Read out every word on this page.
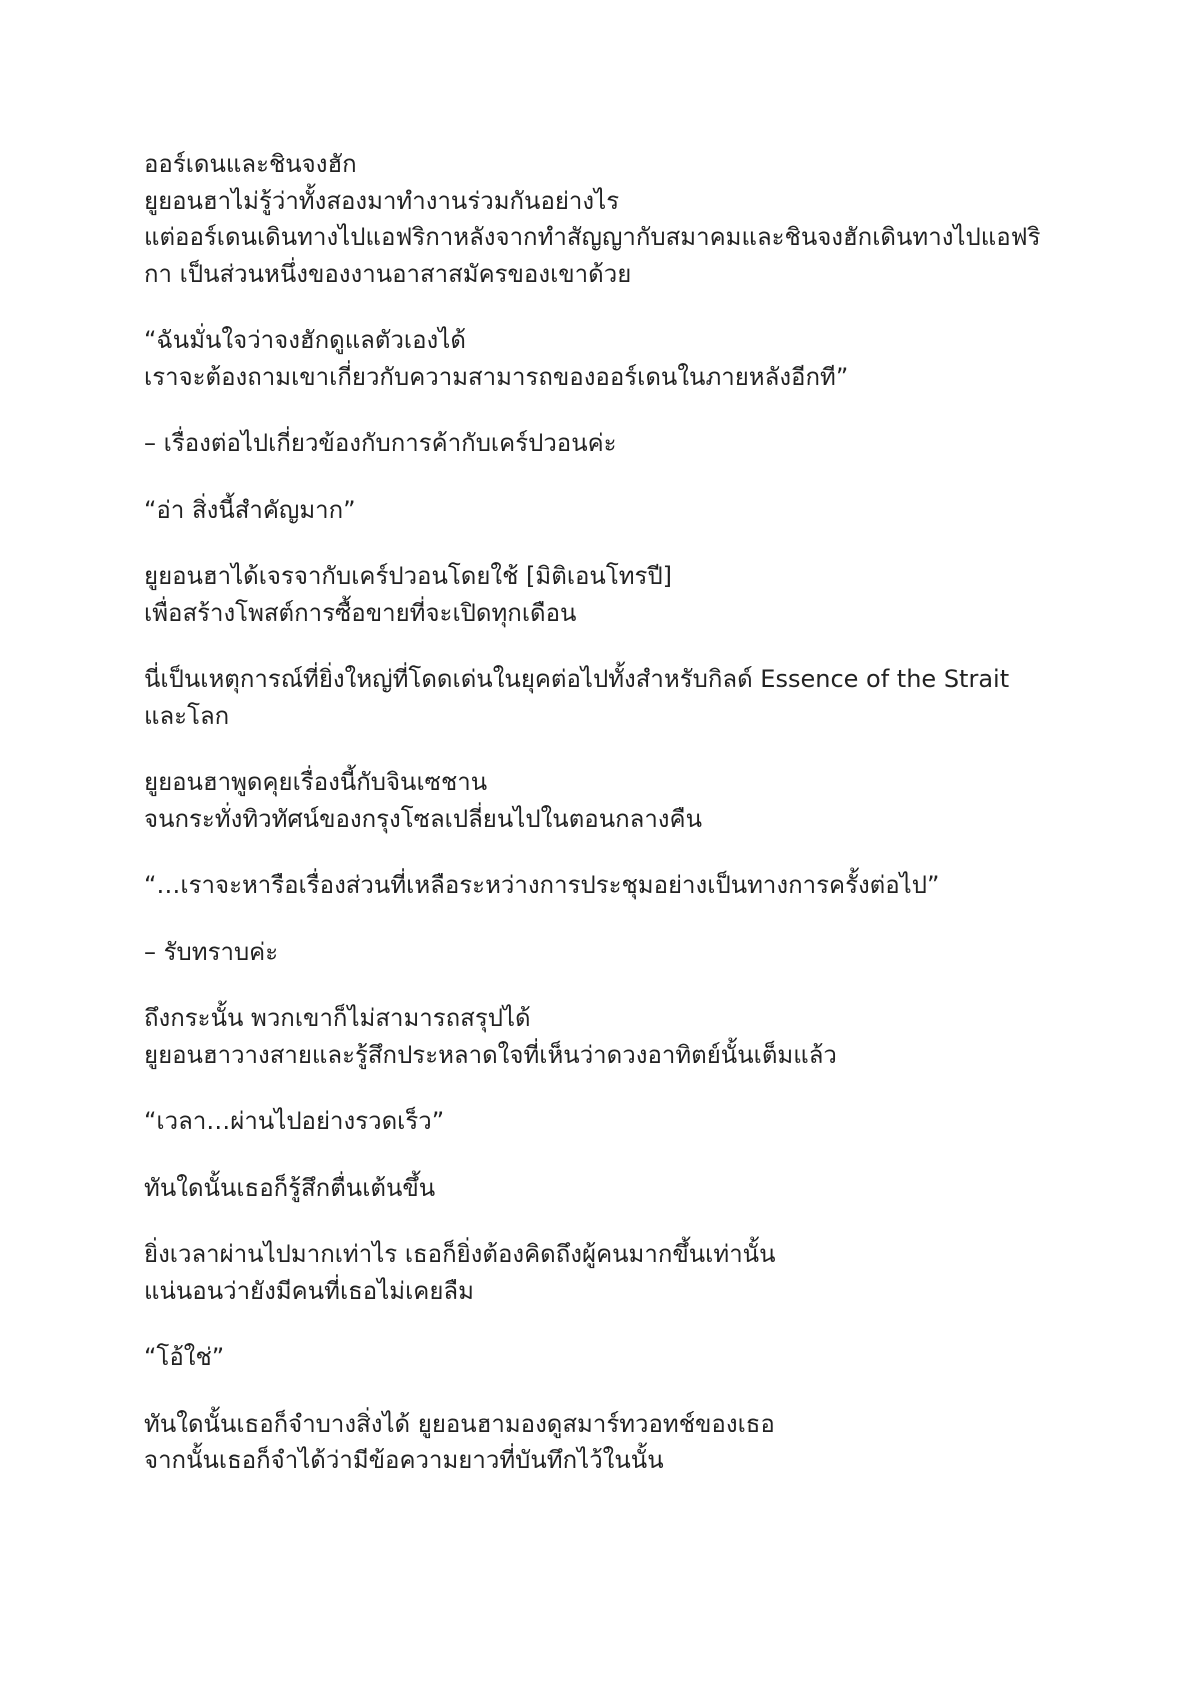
ออร์เดนและชินจงฮัก
ยูยอนฮาไม่รู้ว่าทั้งสองมาทำงานร่วมกันอย่างไร
แต่ออร์เดนเดินทางไปแอฟริกาหลังจากทำสัญญากับสมาคมและชินจงฮักเดินทางไปแอฟริ
กา เป็นส่วนหนึ่งของงานอาสาสมัครของเขาด้วย

“ฉันมั่นใจว่าจงฮักดูแลตัวเองได้
เราจะต้องถามเขาเกี่ยวกับความสามารถของออร์เดนในภายหลังอีกที”

– เรื่องต่อไปเกี่ยวข้องกับการค้ากับเคร์ปวอนค่ะ

“อ่า สิ่งนี้สำคัญมาก”

ยูยอนฮาได้เจรจากับเคร์ปวอนโดยใช้ [มิติเอนโทรปี]
เพื่อสร้างโพสต์การซื้อขายที่จะเปิดทุกเดือน

นี่เป็นเหตุการณ์ที่ยิ่งใหญ่ที่โดดเด่นในยุคต่อไปทั้งสำหรับกิลด์ Essence of the Strait
และโลก

ยูยอนฮาพูดคุยเรื่องนี้กับจินเซชาน
จนกระทั่งทิวทัศน์ของกรุงโซลเปลี่ยนไปในตอนกลางคืน

“…เราจะหารือเรื่องส่วนที่เหลือระหว่างการประชุมอย่างเป็นทางการครั้งต่อไป”

– รับทราบค่ะ

ถึงกระนั้น พวกเขาก็ไม่สามารถสรุปได้
ยูยอนฮาวางสายและรู้สึกประหลาดใจที่เห็นว่าดวงอาทิตย์นั้นเต็มแล้ว

“เวลา…ผ่านไปอย่างรวดเร็ว”

ทันใดนั้นเธอก็รู้สึกตื่นเต้นขึ้น

ยิ่งเวลาผ่านไปมากเท่าไร เธอก็ยิ่งต้องคิดถึงผู้คนมากขึ้นเท่านั้น
แน่นอนว่ายังมีคนที่เธอไม่เคยลืม

“โอ้ใช่”

ทันใดนั้นเธอก็จำบางสิ่งได้ ยูยอนฮามองดูสมาร์ทวอทช์ของเธอ
จากนั้นเธอก็จำได้ว่ามีข้อความยาวที่บันทึกไว้ในนั้น
